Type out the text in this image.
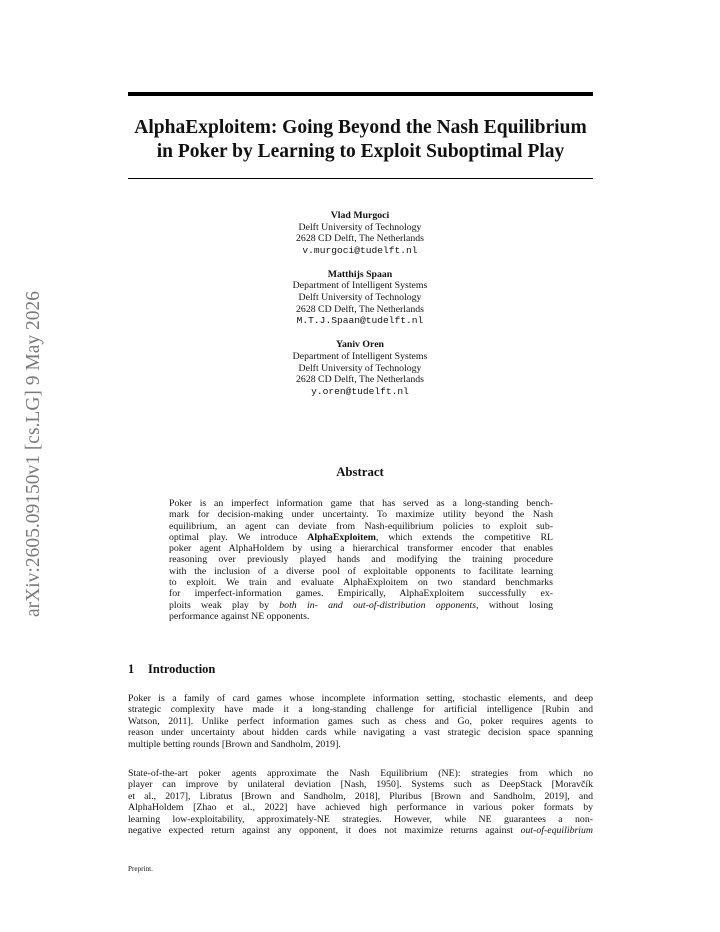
arXiv:2605.09150v1 [cs.LG] 9 May 2026
AlphaExploitem: Going Beyond the Nash Equilibrium
in Poker by Learning to Exploit Suboptimal Play
Vlad Murgoci
Delft University of Technology
2628 CD Delft, The Netherlands
v.murgoci@tudelft.nl
Matthijs Spaan
Department of Intelligent Systems
Delft University of Technology
2628 CD Delft, The Netherlands
M.T.J.Spaan@tudelft.nl
Yaniv Oren
Department of Intelligent Systems
Delft University of Technology
2628 CD Delft, The Netherlands
y.oren@tudelft.nl
Abstract

Poker is an imperfect information game that has served as a long-standing bench-
mark for decision-making under uncertainty. To maximize utility beyond the Nash
equilibrium, an agent can deviate from Nash-equilibrium policies to exploit sub-
optimal play. We introduce AlphaExploitem, which extends the competitive RL
poker agent AlphaHoldem by using a hierarchical transformer encoder that enables
reasoning over previously played hands and modifying the training procedure
with the inclusion of a diverse pool of exploitable opponents to facilitate learning
to exploit. We train and evaluate AlphaExploitem on two standard benchmarks
for imperfect-information games. Empirically, AlphaExploitem successfully ex-
ploits weak play by both in- and out-of-distribution opponents, without losing
performance against NE opponents.

1 Introduction

Poker is a family of card games whose incomplete information setting, stochastic elements, and deep
strategic complexity have made it a long-standing challenge for artificial intelligence [Rubin and
Watson, 2011]. Unlike perfect information games such as chess and Go, poker requires agents to
reason under uncertainty about hidden cards while navigating a vast strategic decision space spanning
multiple betting rounds [Brown and Sandholm, 2019].

State-of-the-art poker agents approximate the Nash Equilibrium (NE): strategies from which no
player can improve by unilateral deviation [Nash, 1950]. Systems such as DeepStack [Moravčík
et al., 2017], Libratus [Brown and Sandholm, 2018], Pluribus [Brown and Sandholm, 2019], and
AlphaHoldem [Zhao et al., 2022] have achieved high performance in various poker formats by
learning low-exploitability, approximately-NE strategies. However, while NE guarantees a non-
negative expected return against any opponent, it does not maximize returns against out-of-equilibrium

Preprint.
